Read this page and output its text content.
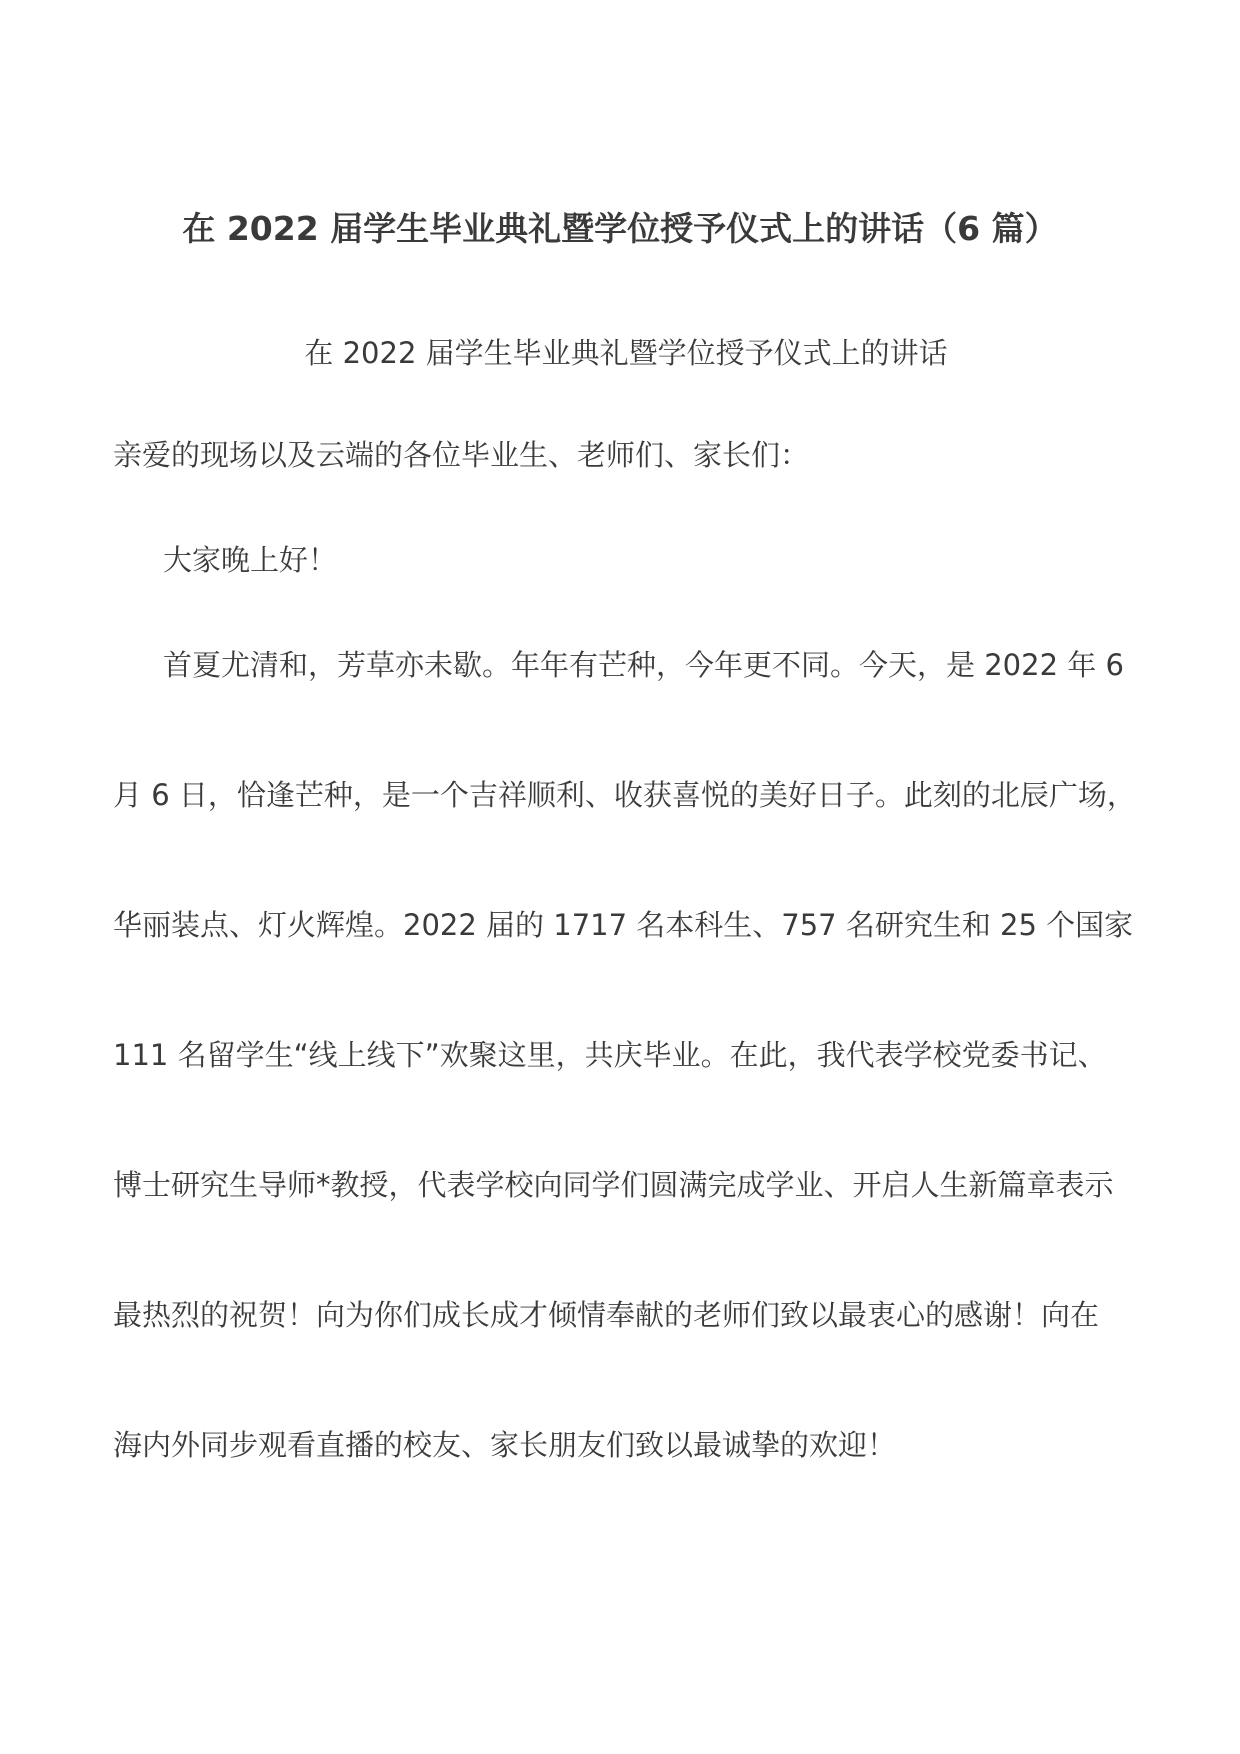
在 2022 届学生毕业典礼暨学位授予仪式上的讲话（6 篇）

在 2022 届学生毕业典礼暨学位授予仪式上的讲话

亲爱的现场以及云端的各位毕业生、老师们、家长们：

大家晚上好！

首夏尤清和，芳草亦未歇。年年有芒种，今年更不同。今天，是 2022 年 6

月 6 日，恰逢芒种，是一个吉祥顺利、收获喜悦的美好日子。此刻的北辰广场，

华丽装点、灯火辉煌。2022 届的 1717 名本科生、757 名研究生和 25 个国家

111 名留学生“线上线下”欢聚这里，共庆毕业。在此，我代表学校党委书记、

博士研究生导师*教授，代表学校向同学们圆满完成学业、开启人生新篇章表示

最热烈的祝贺！向为你们成长成才倾情奉献的老师们致以最衷心的感谢！向在

海内外同步观看直播的校友、家长朋友们致以最诚挚的欢迎！
